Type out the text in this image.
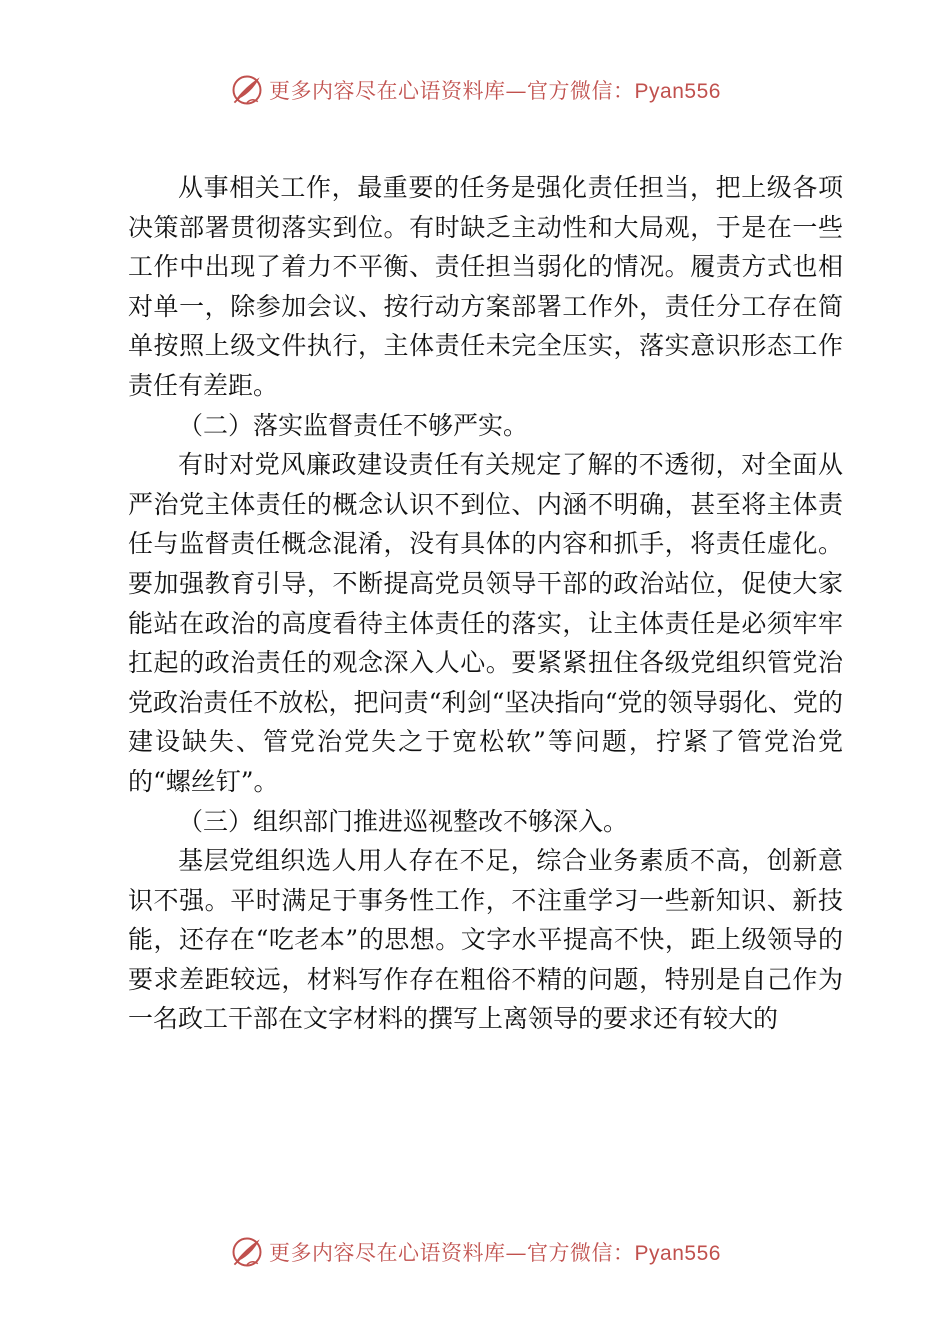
更多内容尽在心语资料库—官方微信：Pyan556

从事相关工作，最重要的任务是强化责任担当，把上级各项决策部署贯彻落实到位。有时缺乏主动性和大局观，于是在一些工作中出现了着力不平衡、责任担当弱化的情况。履责方式也相对单一，除参加会议、按行动方案部署工作外，责任分工存在简单按照上级文件执行，主体责任未完全压实，落实意识形态工作责任有差距。

（二）落实监督责任不够严实。

有时对党风廉政建设责任有关规定了解的不透彻，对全面从严治党主体责任的概念认识不到位、内涵不明确，甚至将主体责任与监督责任概念混淆，没有具体的内容和抓手，将责任虚化。要加强教育引导，不断提高党员领导干部的政治站位，促使大家能站在政治的高度看待主体责任的落实，让主体责任是必须牢牢扛起的政治责任的观念深入人心。要紧紧扭住各级党组织管党治党政治责任不放松，把问责“利剑“坚决指向“党的领导弱化、党的建设缺失、管党治党失之于宽松软”等问题，拧紧了管党治党的“螺丝钉”。

（三）组织部门推进巡视整改不够深入。

基层党组织选人用人存在不足，综合业务素质不高，创新意识不强。平时满足于事务性工作，不注重学习一些新知识、新技能，还存在“吃老本”的思想。文字水平提高不快，距上级领导的要求差距较远，材料写作存在粗俗不精的问题，特别是自己作为一名政工干部在文字材料的撰写上离领导的要求还有较大的

更多内容尽在心语资料库—官方微信：Pyan556
